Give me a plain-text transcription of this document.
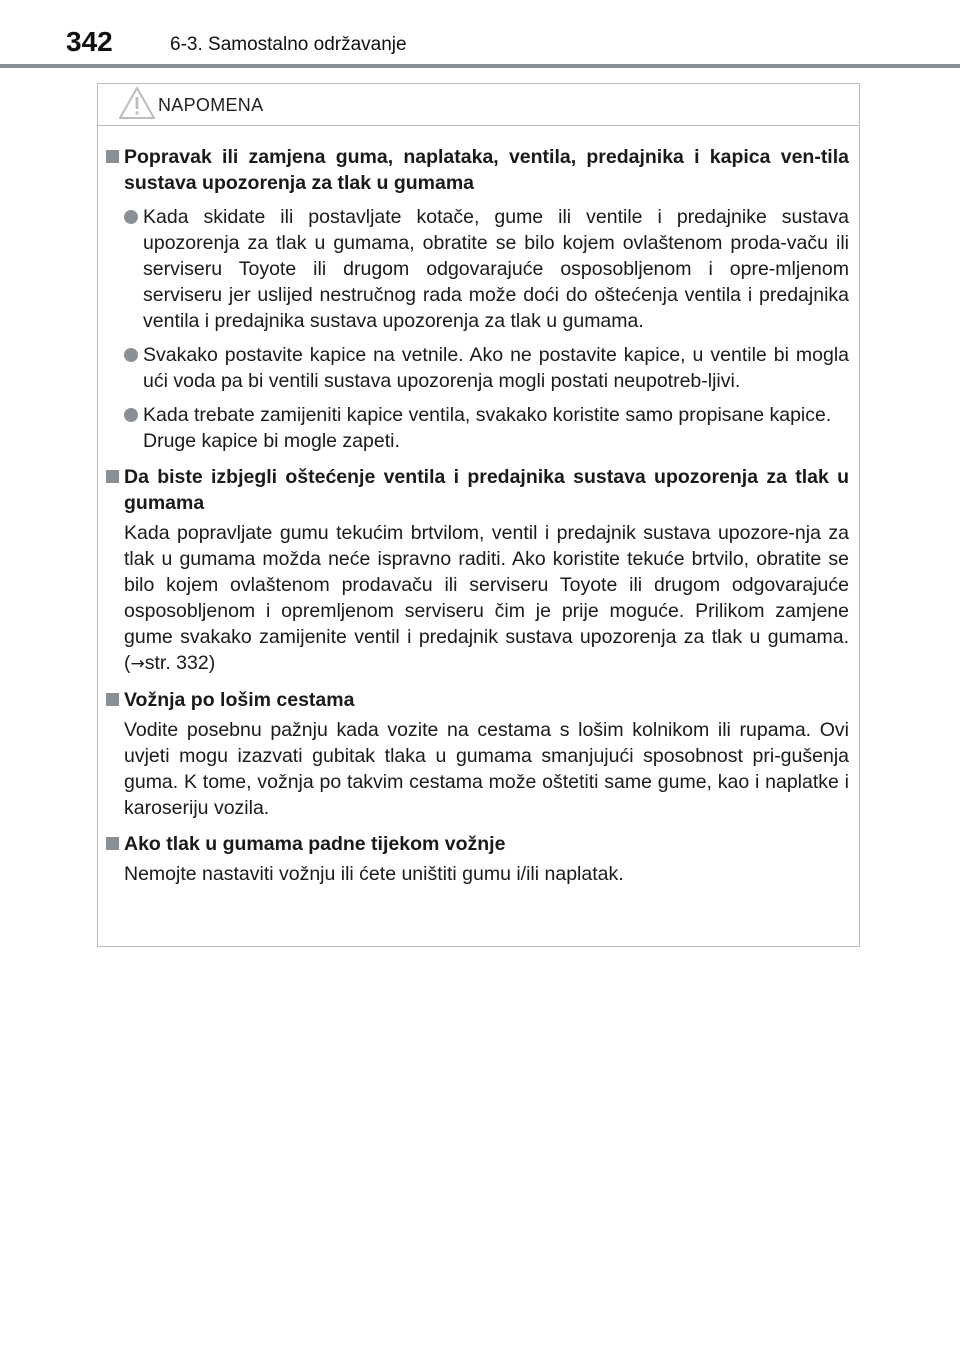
342	6-3. Samostalno održavanje
NAPOMENA
Popravak ili zamjena guma, naplataka, ventila, predajnika i kapica ven-tila sustava upozorenja za tlak u gumama
Kada skidate ili postavljate kotače, gume ili ventile i predajnike sustava upozorenja za tlak u gumama, obratite se bilo kojem ovlaštenom proda-vaču ili serviseru Toyote ili drugom odgovarajuće osposobljenom i opre-mljenom serviseru jer uslijed nestručnog rada može doći do oštećenja ventila i predajnika ventila i predajnika sustava upozorenja za tlak u gumama.
Svakako postavite kapice na vetnile. Ako ne postavite kapice, u ventile bi mogla ući voda pa bi ventili sustava upozorenja mogli postati neupotreb-ljivi.
Kada trebate zamijeniti kapice ventila, svakako koristite samo propisane kapice.
Druge kapice bi mogle zapeti.
Da biste izbjegli oštećenje ventila i predajnika sustava upozorenja za tlak u gumama
Kada popravljate gumu tekućim brtvilom, ventil i predajnik sustava upozore-nja za tlak u gumama možda neće ispravno raditi. Ako koristite tekuće brtvilo, obratite se bilo kojem ovlaštenom prodavaču ili serviseru Toyote ili drugom odgovarajuće osposobljenom i opremljenom serviseru čim je prije moguće. Prilikom zamjene gume svakako zamijenite ventil i predajnik sustava upozorenja za tlak u gumama. (→str. 332)
Vožnja po lošim cestama
Vodite posebnu pažnju kada vozite na cestama s lošim kolnikom ili rupama. Ovi uvjeti mogu izazvati gubitak tlaka u gumama smanjujući sposobnost pri-gušenja guma. K tome, vožnja po takvim cestama može oštetiti same gume, kao i naplatke i karoseriju vozila.
Ako tlak u gumama padne tijekom vožnje
Nemojte nastaviti vožnju ili ćete uništiti gumu i/ili naplatak.
